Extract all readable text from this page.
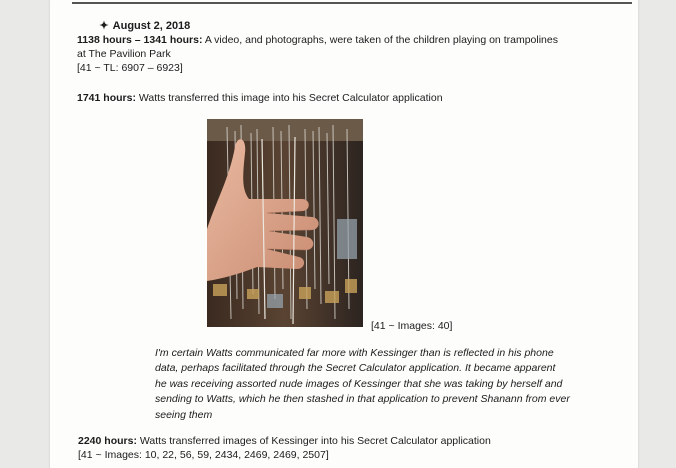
✦ August 2, 2018
1138 hours – 1341 hours: A video, and photographs, were taken of the children playing on trampolines
at The Pavilion Park
[41 ~ TL: 6907 – 6923]
1741 hours: Watts transferred this image into his Secret Calculator application
[41 ~ Images: 40]
I'm certain Watts communicated far more with Kessinger than is reflected in his phone
data, perhaps facilitated through the Secret Calculator application. It became apparent
he was receiving assorted nude images of Kessinger that she was taking by herself and
sending to Watts, which he then stashed in that application to prevent Shanann from ever
seeing them
2240 hours: Watts transferred images of Kessinger into his Secret Calculator application
[41 ~ Images: 10, 22, 56, 59, 2434, 2469, 2469, 2507]
